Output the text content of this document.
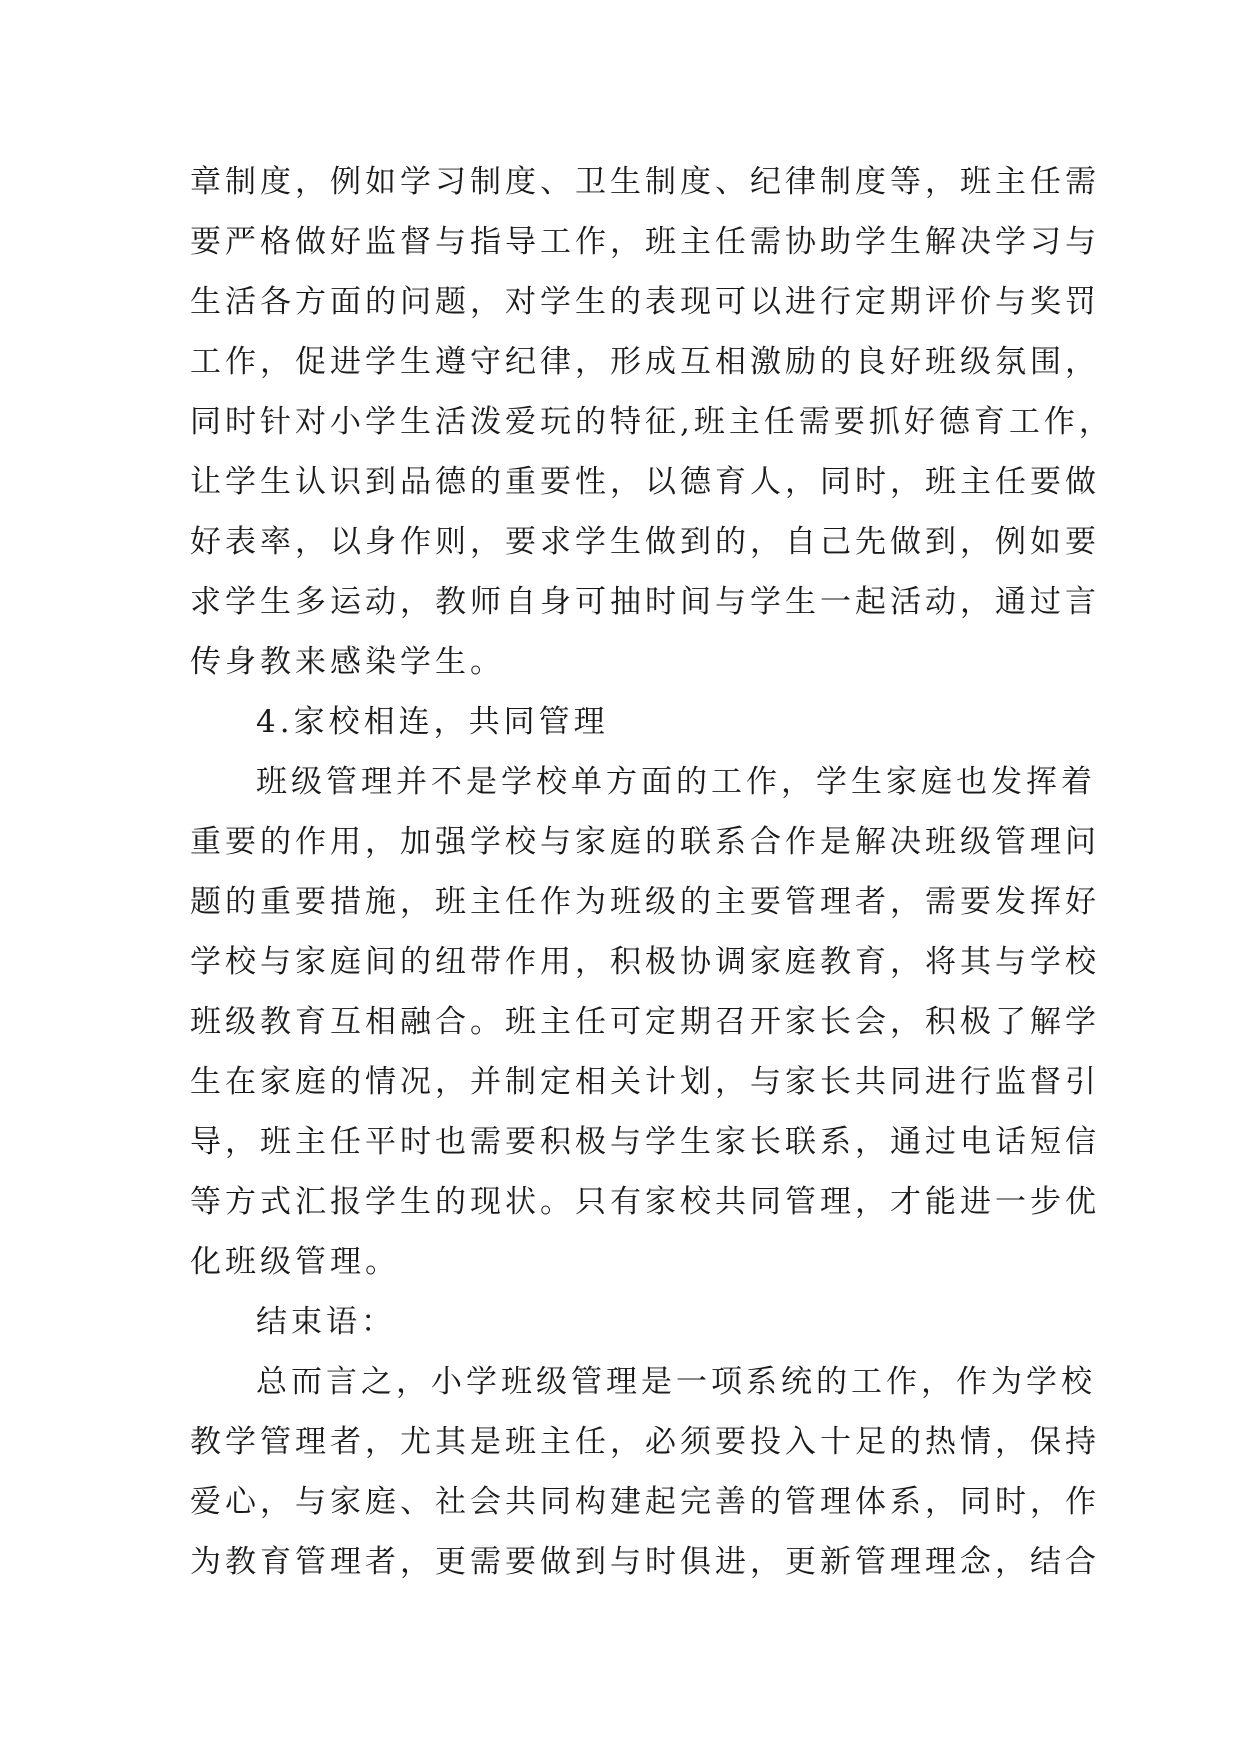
章制度，例如学习制度、卫生制度、纪律制度等，班主任需
要严格做好监督与指导工作，班主任需协助学生解决学习与
生活各方面的问题，对学生的表现可以进行定期评价与奖罚
工作，促进学生遵守纪律，形成互相激励的良好班级氛围，
同时针对小学生活泼爱玩的特征,班主任需要抓好德育工作，
让学生认识到品德的重要性，以德育人，同时，班主任要做
好表率，以身作则，要求学生做到的，自己先做到，例如要
求学生多运动，教师自身可抽时间与学生一起活动，通过言
传身教来感染学生。
4.家校相连，共同管理
班级管理并不是学校单方面的工作，学生家庭也发挥着
重要的作用，加强学校与家庭的联系合作是解决班级管理问
题的重要措施，班主任作为班级的主要管理者，需要发挥好
学校与家庭间的纽带作用，积极协调家庭教育，将其与学校
班级教育互相融合。班主任可定期召开家长会，积极了解学
生在家庭的情况，并制定相关计划，与家长共同进行监督引
导，班主任平时也需要积极与学生家长联系，通过电话短信
等方式汇报学生的现状。只有家校共同管理，才能进一步优
化班级管理。
结束语：
总而言之，小学班级管理是一项系统的工作，作为学校
教学管理者，尤其是班主任，必须要投入十足的热情，保持
爱心，与家庭、社会共同构建起完善的管理体系，同时，作
为教育管理者，更需要做到与时俱进，更新管理理念，结合
